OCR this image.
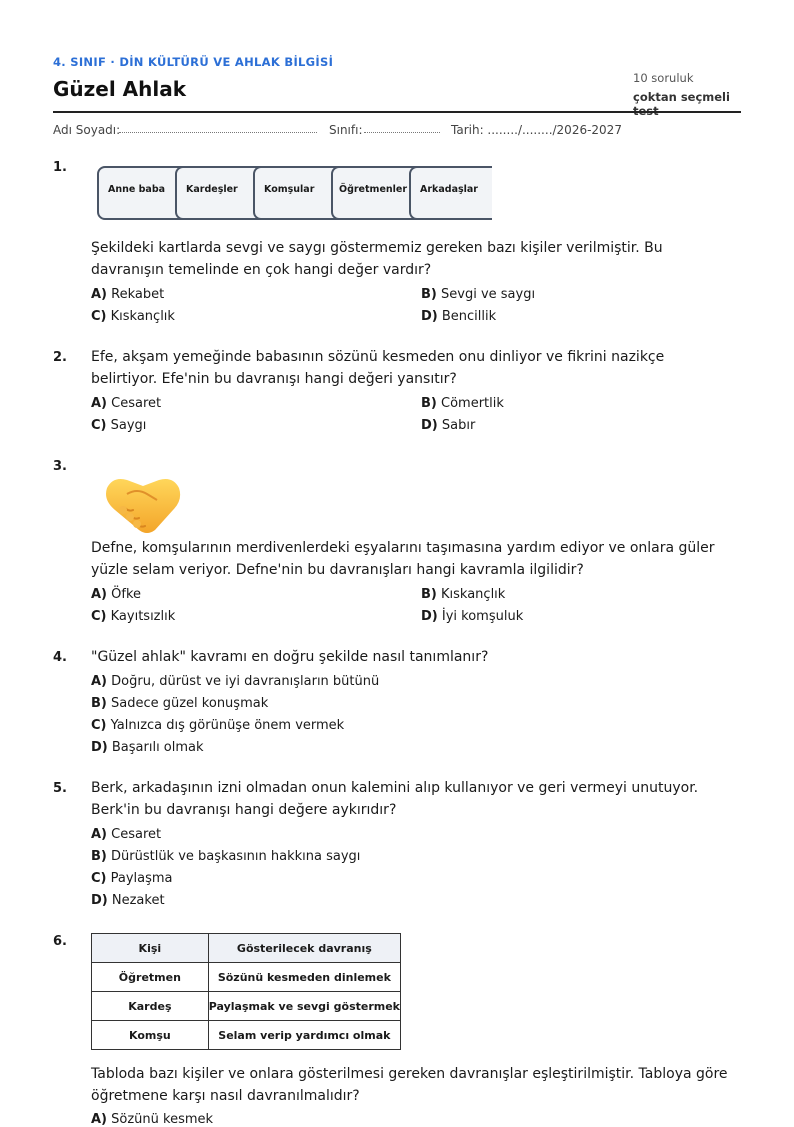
4. SINIF · DİN KÜLTÜRÜ VE AHLAK BİLGİSİ
Güzel Ahlak	10 soruluk
çoktan seçmeli
Adı Soyadı:	Sınıfı:	Tarih: ......../......../2026-2027
1.
Anne baba Kardeşler	Komşular	Öğretmenler Arkadaşlar
Şekildeki kartlarda sevgi ve saygı göstermemiz gereken bazı kişiler verilmiştir. Bu davranışın temelinde en çok hangi değer vardır?
A) Rekabet	B) Sevgi ve saygı
C) Kıskançlık	D) Bencillik
2. Efe, akşam yemeğinde babasının sözünü kesmeden onu dinliyor ve fikrini nazikçe belirtiyor. Efe'nin bu davranışı hangi değeri yansıtır?
A) Cesaret	B) Cömertlik
C) Saygı	D) Sabır
3.
Defne, komşularının merdivenlerdeki eşyalarını taşımasına yardım ediyor ve onlara güler yüzle selam veriyor. Defne'nin bu davranışları hangi kavramla ilgilidir?
A) Öfke	B) Kıskançlık
C) Kayıtsızlık	D) İyi komşuluk
4. "Güzel ahlak" kavramı en doğru şekilde nasıl tanımlanır?
A) Doğru, dürüst ve iyi davranışların bütünü
B) Sadece güzel konuşmak
C) Yalnızca dış görünüşe önem vermek
D) Başarılı olmak
5. Berk, arkadaşının izni olmadan onun kalemini alıp kullanıyor ve geri vermeyi unutuyor. Berk'in bu davranışı hangi değere aykırıdır?
A) Cesaret
B) Dürüstlük ve başkasının hakkına saygı
C) Paylaşma
D) Nezaket
6.	Kişi	Gösterilecek davranış
Öğretmen	Sözünü kesmeden dinlemek
Kardeş	Paylaşmak ve sevgi göstermek
Komşu	Selam verip yardımcı olmak
Tabloda bazı kişiler ve onlara gösterilmesi gereken davranışlar eşleştirilmiştir. Tabloya göre öğretmene karşı nasıl davranılmalıdır?
A) Sözünü kesmek
